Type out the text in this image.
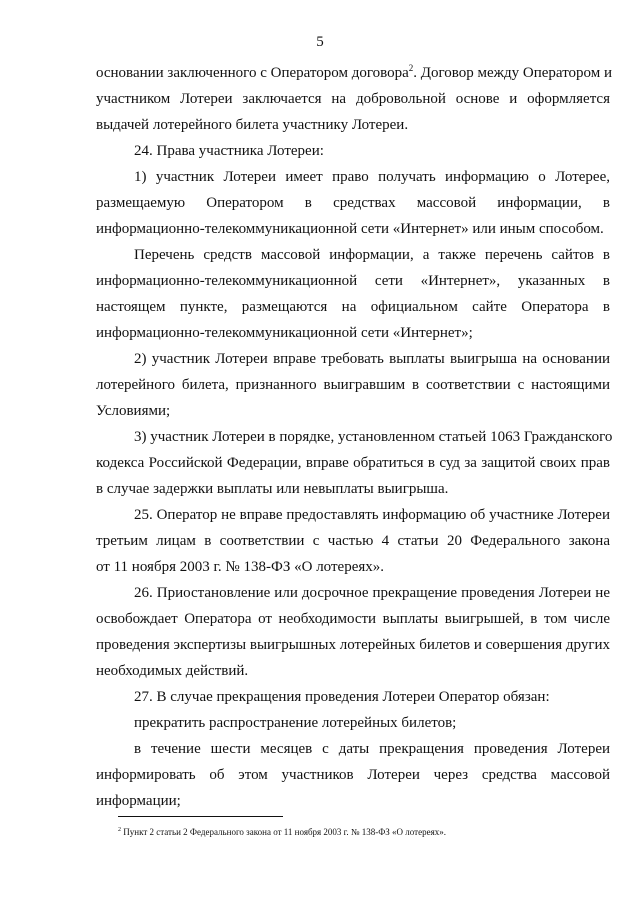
5
основании заключенного с Оператором договора$^2$. Договор между Оператором и
участником Лотереи заключается на добровольной основе и оформляется
выдачей лотерейного билета участнику Лотереи.
24. Права участника Лотереи:
1) участник Лотереи имеет право получать информацию о Лотерее,
размещаемую Оператором в средствах массовой информации, в
информационно-телекоммуникационной сети «Интернет» или иным способом.
Перечень средств массовой информации, а также перечень сайтов в
информационно-телекоммуникационной сети «Интернет», указанных в
настоящем пункте, размещаются на официальном сайте Оператора в
информационно-телекоммуникационной сети «Интернет»;
2) участник Лотереи вправе требовать выплаты выигрыша на основании
лотерейного билета, признанного выигравшим в соответствии с настоящими
Условиями;
3) участник Лотереи в порядке, установленном статьей 1063 Гражданского
кодекса Российской Федерации, вправе обратиться в суд за защитой своих прав
в случае задержки выплаты или невыплаты выигрыша.
25. Оператор не вправе предоставлять информацию об участнике Лотереи
третьим лицам в соответствии с частью 4 статьи 20 Федерального закона
от 11 ноября 2003 г. № 138-ФЗ «О лотереях».
26. Приостановление или досрочное прекращение проведения Лотереи не
освобождает Оператора от необходимости выплаты выигрышей, в том числе
проведения экспертизы выигрышных лотерейных билетов и совершения других
необходимых действий.
27. В случае прекращения проведения Лотереи Оператор обязан:
прекратить распространение лотерейных билетов;
в течение шести месяцев с даты прекращения проведения Лотереи
информировать об этом участников Лотереи через средства массовой
информации;
$^2$ Пункт 2 статьи 2 Федерального закона от 11 ноября 2003 г. № 138-ФЗ «О лотереях».
